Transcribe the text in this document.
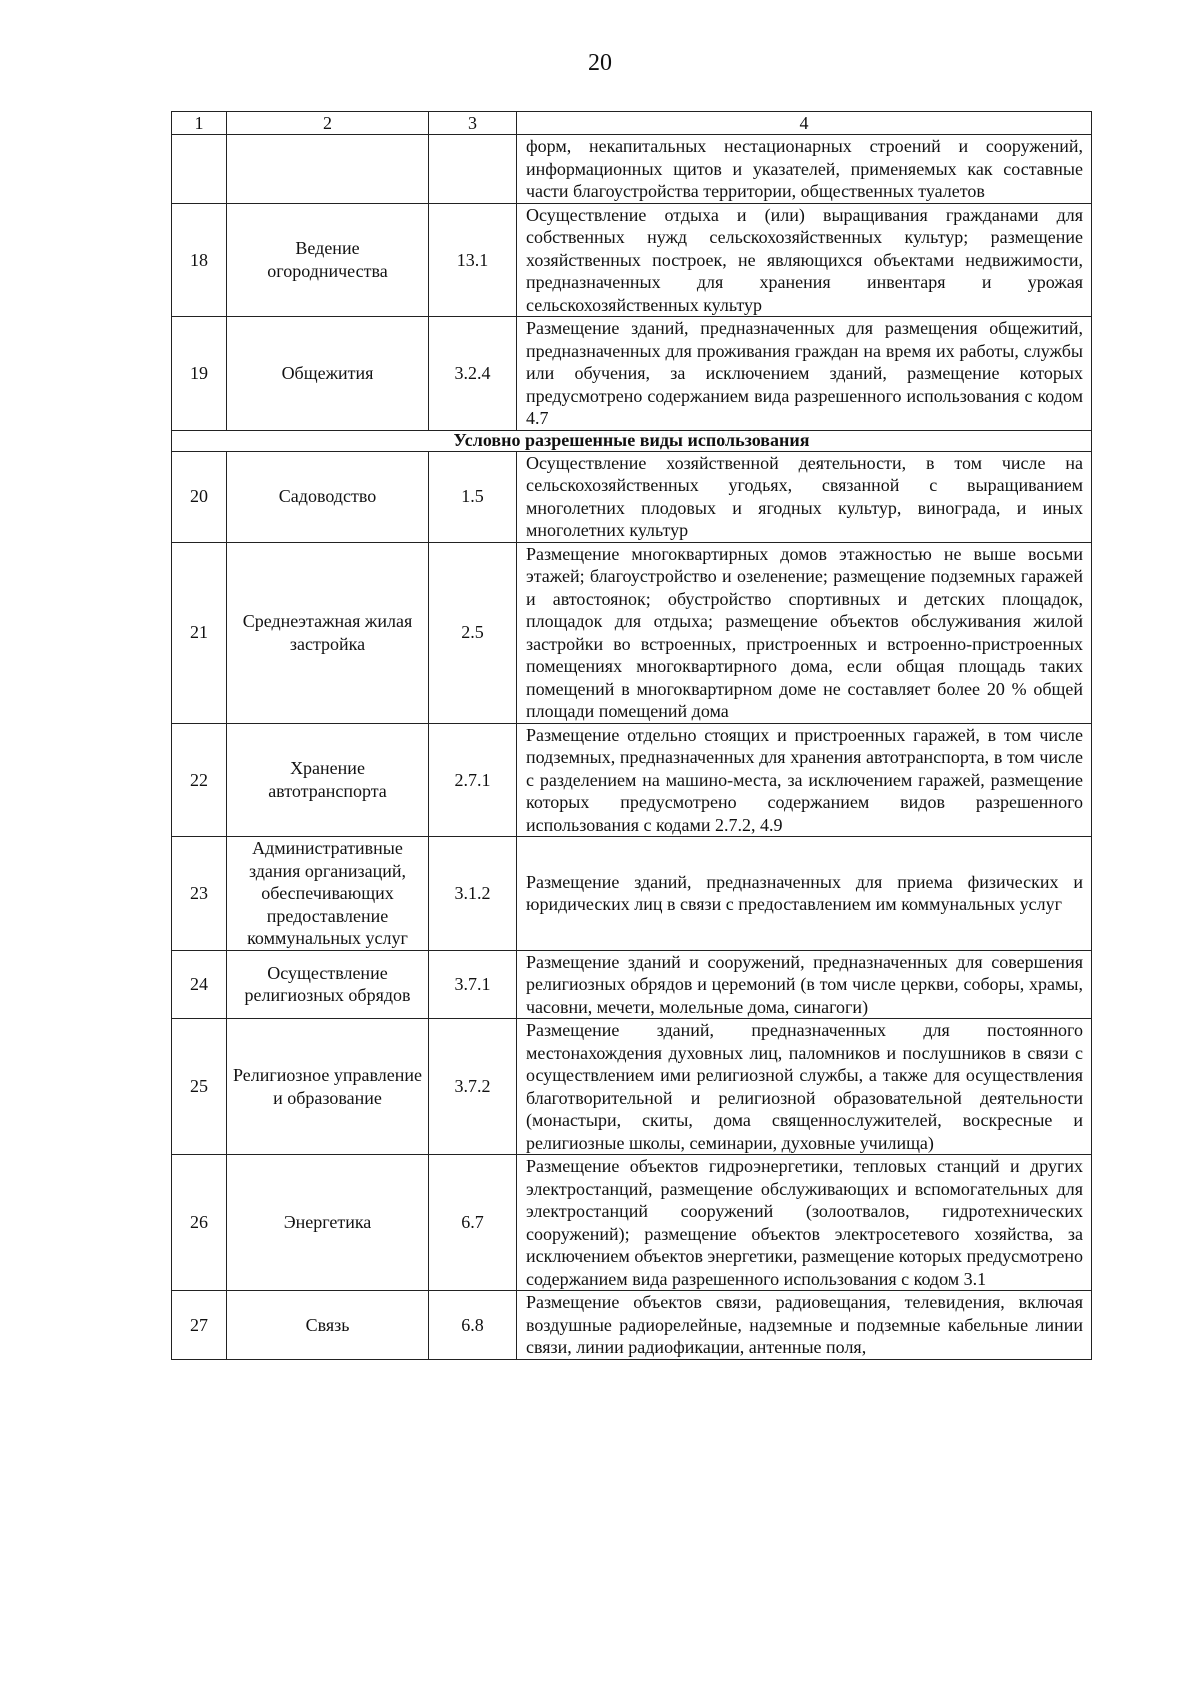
20
1	2	3	4
			форм, некапитальных нестационарных строений и сооружений, информационных щитов и указателей, применяемых как составные части благоустройства территории, общественных туалетов
18	Ведение огородничества	13.1	Осуществление отдыха и (или) выращивания гражданами для собственных нужд сельскохозяйственных культур; размещение хозяйственных построек, не являющихся объектами недвижимости, предназначенных для хранения инвентаря и урожая сельскохозяйственных культур
19	Общежития	3.2.4	Размещение зданий, предназначенных для размещения общежитий, предназначенных для проживания граждан на время их работы, службы или обучения, за исключением зданий, размещение которых предусмотрено содержанием вида разрешенного использования с кодом 4.7
Условно разрешенные виды использования			
20	Садоводство	1.5	Осуществление хозяйственной деятельности, в том числе на сельскохозяйственных угодьях, связанной с выращиванием многолетних плодовых и ягодных культур, винограда, и иных многолетних культур
21	Среднеэтажная жилая застройка	2.5	Размещение многоквартирных домов этажностью не выше восьми этажей; благоустройство и озеленение; размещение подземных гаражей и автостоянок; обустройство спортивных и детских площадок, площадок для отдыха; размещение объектов обслуживания жилой застройки во встроенных, пристроенных и встроенно-пристроенных помещениях многоквартирного дома, если общая площадь таких помещений в многоквартирном доме не составляет более 20 % общей площади помещений дома
22	Хранение автотранспорта	2.7.1	Размещение отдельно стоящих и пристроенных гаражей, в том числе подземных, предназначенных для хранения автотранспорта, в том числе с разделением на машино-места, за исключением гаражей, размещение которых предусмотрено содержанием видов разрешенного использования с кодами 2.7.2, 4.9
23	Административные здания организаций, обеспечивающих предоставление коммунальных услуг	3.1.2	Размещение зданий, предназначенных для приема физических и юридических лиц в связи с предоставлением им коммунальных услуг
24	Осуществление религиозных обрядов	3.7.1	Размещение зданий и сооружений, предназначенных для совершения религиозных обрядов и церемоний (в том числе церкви, соборы, храмы, часовни, мечети, молельные дома, синагоги)
25	Религиозное управление и образование	3.7.2	Размещение зданий, предназначенных для постоянного местонахождения духовных лиц, паломников и послушников в связи с осуществлением ими религиозной службы, а также для осуществления благотворительной и религиозной образовательной деятельности (монастыри, скиты, дома священнослужителей, воскресные и религиозные школы, семинарии, духовные училища)
26	Энергетика	6.7	Размещение объектов гидроэнергетики, тепловых станций и других электростанций, размещение обслуживающих и вспомогательных для электростанций сооружений (золоотвалов, гидротехнических сооружений); размещение объектов электросетевого хозяйства, за исключением объектов энергетики, размещение которых предусмотрено содержанием вида разрешенного использования с кодом 3.1
27	Связь	6.8	Размещение объектов связи, радиовещания, телевидения, включая воздушные радиорелейные, надземные и подземные кабельные линии связи, линии радиофикации, антенные поля,
